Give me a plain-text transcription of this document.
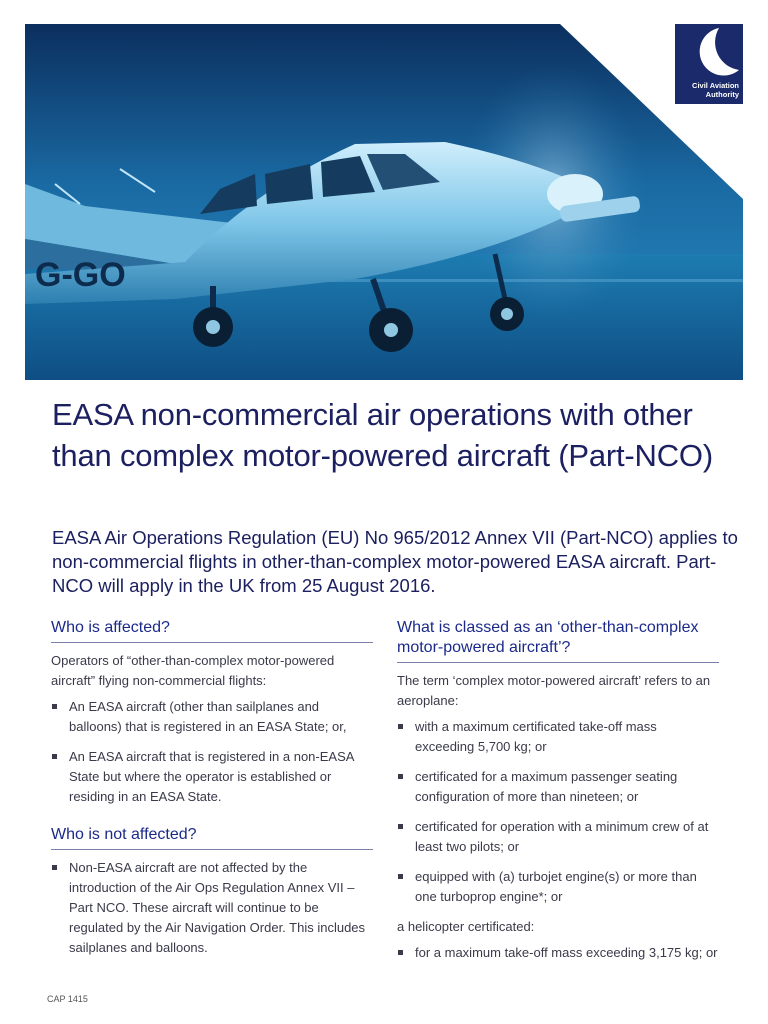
G-GO
Civil Aviation
Authority
EASA non-commercial air operations with other than complex motor-powered aircraft (Part-NCO)

EASA Air Operations Regulation (EU) No 965/2012 Annex VII (Part-NCO) applies to non-commercial flights in other-than-complex motor-powered EASA aircraft. Part-NCO will apply in the UK from 25 August 2016.

Who is affected?

Operators of “other-than-complex motor-powered aircraft” flying non-commercial flights:

An EASA aircraft (other than sailplanes and balloons) that is registered in an EASA State; or,
An EASA aircraft that is registered in a non-EASA State but where the operator is established or residing in an EASA State.
Who is not affected?
Non-EASA aircraft are not affected by the introduction of the Air Ops Regulation Annex VII – Part NCO. These aircraft will continue to be regulated by the Air Navigation Order. This includes sailplanes and balloons.
What is classed as an ‘other-than-complex motor-powered aircraft’?

The term ‘complex motor-powered aircraft’ refers to an aeroplane:

with a maximum certificated take-off mass exceeding 5,700 kg; or
certificated for a maximum passenger seating configuration of more than nineteen; or
certificated for operation with a minimum crew of at least two pilots; or
equipped with (a) turbojet engine(s) or more than one turboprop engine*; or

a helicopter certificated:

for a maximum take-off mass exceeding 3,175 kg; or
CAP 1415
